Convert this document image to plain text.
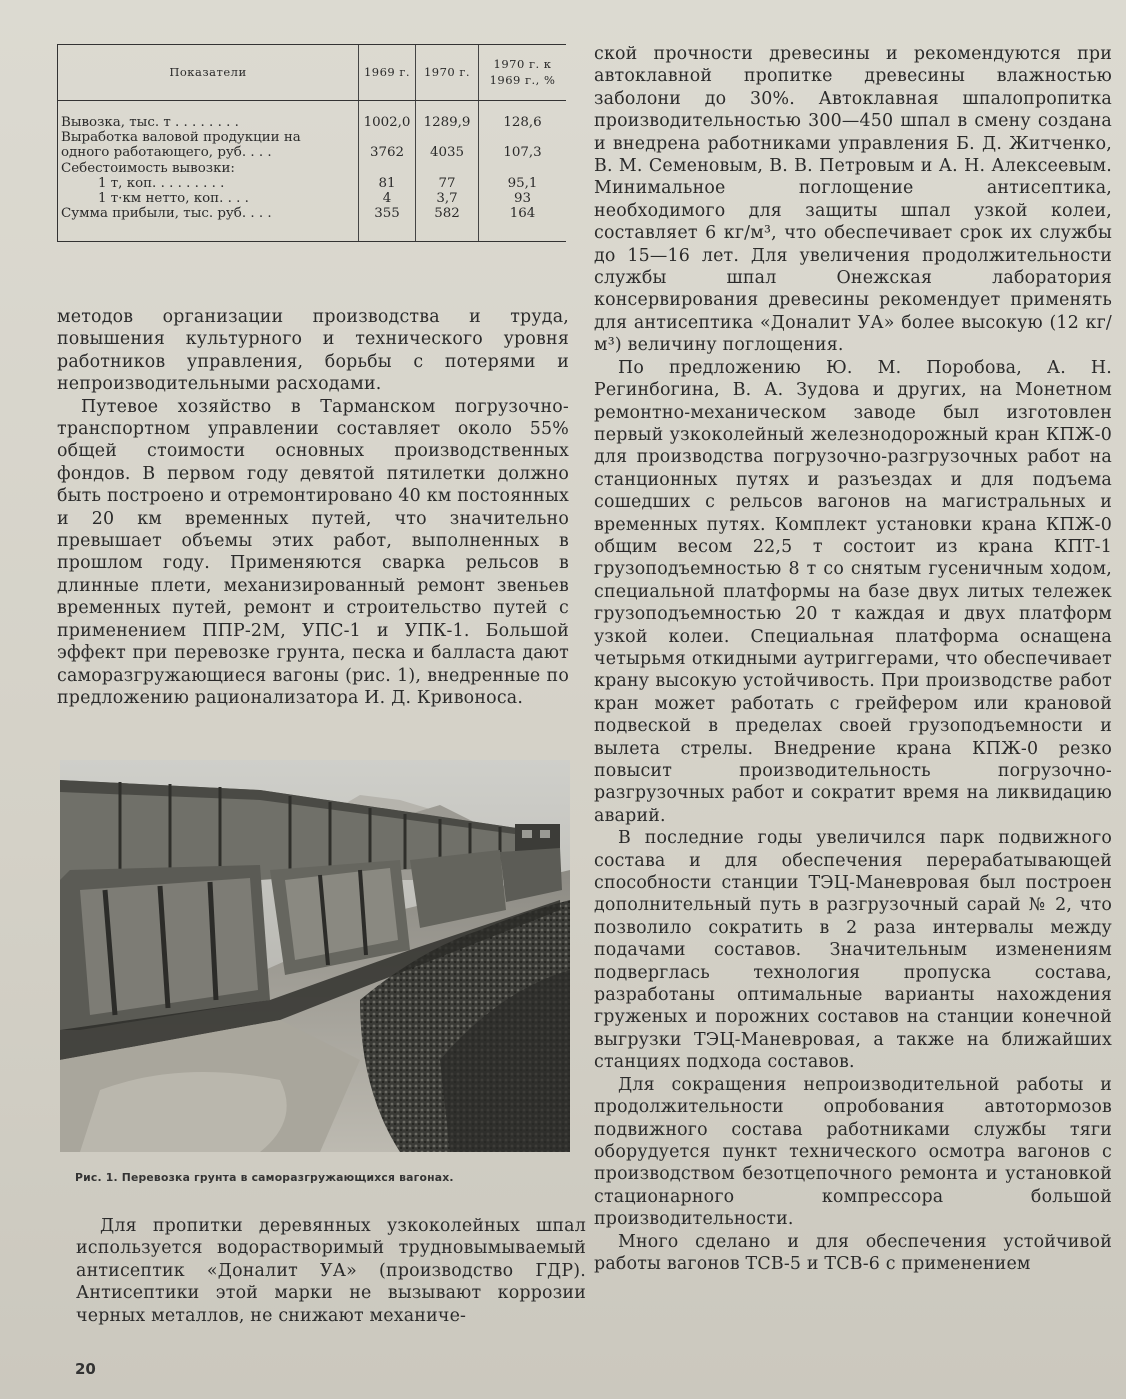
Показатели	1969 г.	1970 г.	1970 г. к 1969 г., %
Вывозка, тыс. т . . . . . . . .	1002,0	1289,9	128,6
Выработка валовой продукции на			
одного работающего, руб. . . .	3762	4035	107,3
Себестоимость вывозки:			
1 т, коп. . . . . . . . .	81	77	95,1
1 т·км нетто, коп. . . .	4	3,7	93
Сумма прибыли, тыс. руб. . . .	355	582	164

методов организации производства и труда, повышения культурного и технического уровня работников управления, борьбы с потерями и непроизводительными расходами.

Путевое хозяйство в Тарманском погрузочно-транспортном управлении составляет около 55% общей стоимости основных производственных фондов. В первом году девятой пятилетки должно быть построено и отремонтировано 40 км постоянных и 20 км временных путей, что значительно превышает объемы этих работ, выполненных в прошлом году. Применяются сварка рельсов в длинные плети, механизированный ремонт звеньев временных путей, ремонт и строительство путей с применением ППР-2М, УПС-1 и УПК-1. Большой эффект при перевозке грунта, песка и балласта дают саморазгружающиеся вагоны (рис. 1), внедренные по предложению рационализатора И. Д. Кривоноса.

Рис. 1. Перевозка грунта в саморазгружающихся вагонах.

Для пропитки деревянных узкоколейных шпал используется водорастворимый трудновымываемый антисептик «Доналит УА» (производство ГДР). Антисептики этой марки не вызывают коррозии черных металлов, не снижают механиче-

ской прочности древесины и рекомендуются при автоклавной пропитке древесины влажностью заболони до 30%. Автоклавная шпалопропитка производительностью 300—450 шпал в смену создана и внедрена работниками управления Б. Д. Житченко, В. М. Семеновым, В. В. Петровым и А. Н. Алексеевым. Минимальное поглощение антисептика, необходимого для защиты шпал узкой колеи, составляет 6 кг/м³, что обеспечивает срок их службы до 15—16 лет. Для увеличения продолжительности службы шпал Онежская лаборатория консервирования древесины рекомендует применять для антисептика «Доналит УА» более высокую (12 кг/м³) величину поглощения.

По предложению Ю. М. Поробова, А. Н. Регинбогина, В. А. Зудова и других, на Монетном ремонтно-механическом заводе был изготовлен первый узкоколейный железнодорожный кран КПЖ-0 для производства погрузочно-разгрузочных работ на станционных путях и разъездах и для подъема сошедших с рельсов вагонов на магистральных и временных путях. Комплект установки крана КПЖ-0 общим весом 22,5 т состоит из крана КПТ-1 грузоподъемностью 8 т со снятым гусеничным ходом, специальной платформы на базе двух литых тележек грузоподъемностью 20 т каждая и двух платформ узкой колеи. Специальная платформа оснащена четырьмя откидными аутриггерами, что обеспечивает крану высокую устойчивость. При производстве работ кран может работать с грейфером или крановой подвеской в пределах своей грузоподъемности и вылета стрелы. Внедрение крана КПЖ-0 резко повысит производительность погрузочно-разгрузочных работ и сократит время на ликвидацию аварий.

В последние годы увеличился парк подвижного состава и для обеспечения перерабатывающей способности станции ТЭЦ-Маневровая был построен дополнительный путь в разгрузочный сарай № 2, что позволило сократить в 2 раза интервалы между подачами составов. Значительным изменениям подверглась технология пропуска состава, разработаны оптимальные варианты нахождения груженых и порожних составов на станции конечной выгрузки ТЭЦ-Маневровая, а также на ближайших станциях подхода составов.

Для сокращения непроизводительной работы и продолжительности опробования автотормозов подвижного состава работниками службы тяги оборудуется пункт технического осмотра вагонов с производством безотцепочного ремонта и установкой стационарного компрессора большой производительности.

Много сделано и для обеспечения устойчивой работы вагонов ТСВ-5 и ТСВ-6 с применением

20
